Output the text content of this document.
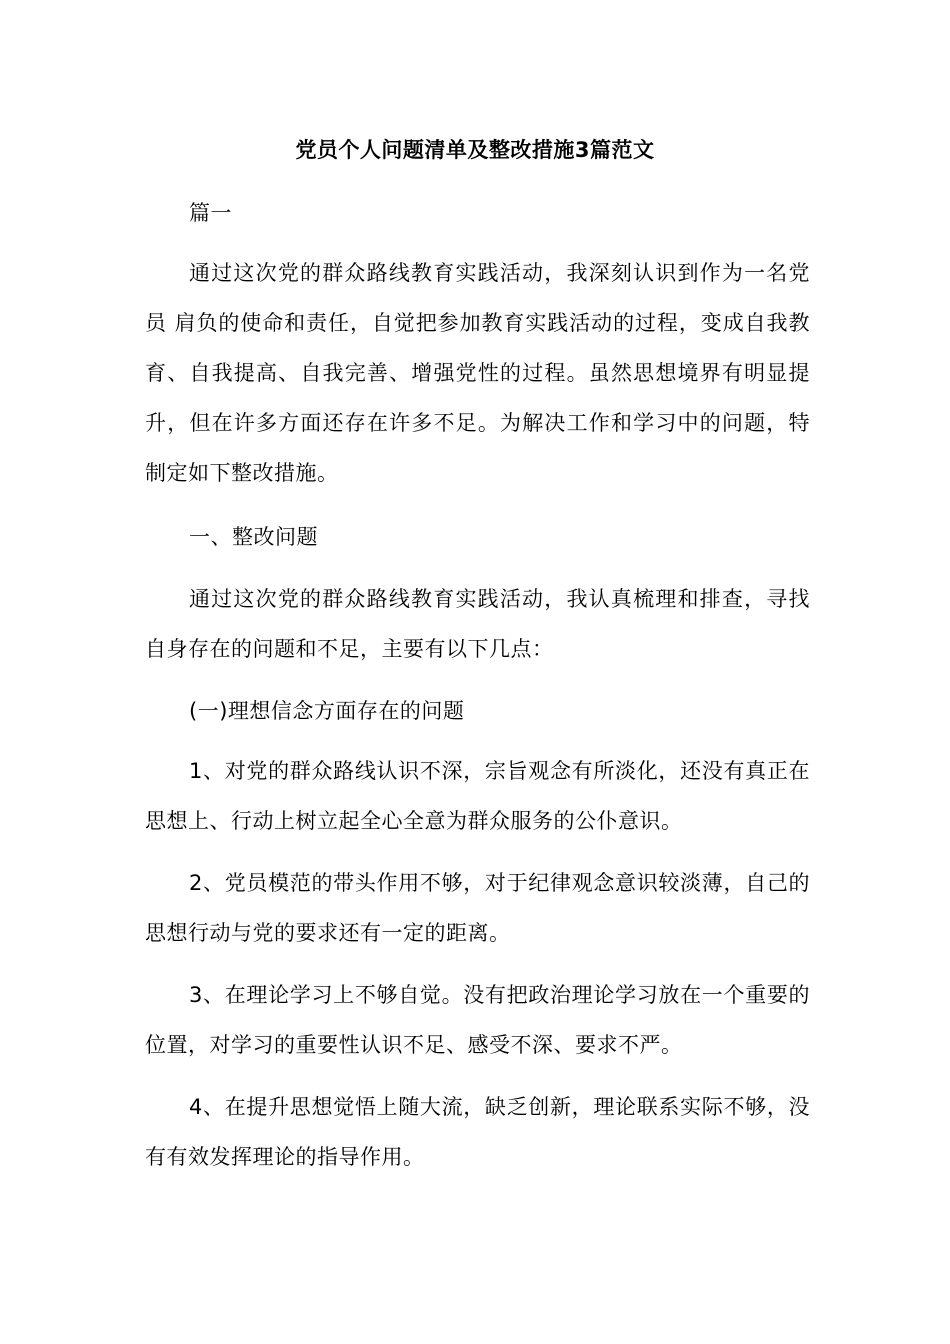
党员个人问题清单及整改措施3篇范文
篇一
通过这次党的群众路线教育实践活动，我深刻认识到作为一名党员 肩负的使命和责任，自觉把参加教育实践活动的过程，变成自我教育、自我提高、自我完善、增强党性的过程。虽然思想境界有明显提升，但在许多方面还存在许多不足。为解决工作和学习中的问题，特制定如下整改措施。
一、整改问题
通过这次党的群众路线教育实践活动，我认真梳理和排查，寻找自身存在的问题和不足，主要有以下几点：
(一)理想信念方面存在的问题
1、对党的群众路线认识不深，宗旨观念有所淡化，还没有真正在思想上、行动上树立起全心全意为群众服务的公仆意识。
2、党员模范的带头作用不够，对于纪律观念意识较淡薄，自己的思想行动与党的要求还有一定的距离。
3、在理论学习上不够自觉。没有把政治理论学习放在一个重要的位置，对学习的重要性认识不足、感受不深、要求不严。
4、在提升思想觉悟上随大流，缺乏创新，理论联系实际不够，没有有效发挥理论的指导作用。
